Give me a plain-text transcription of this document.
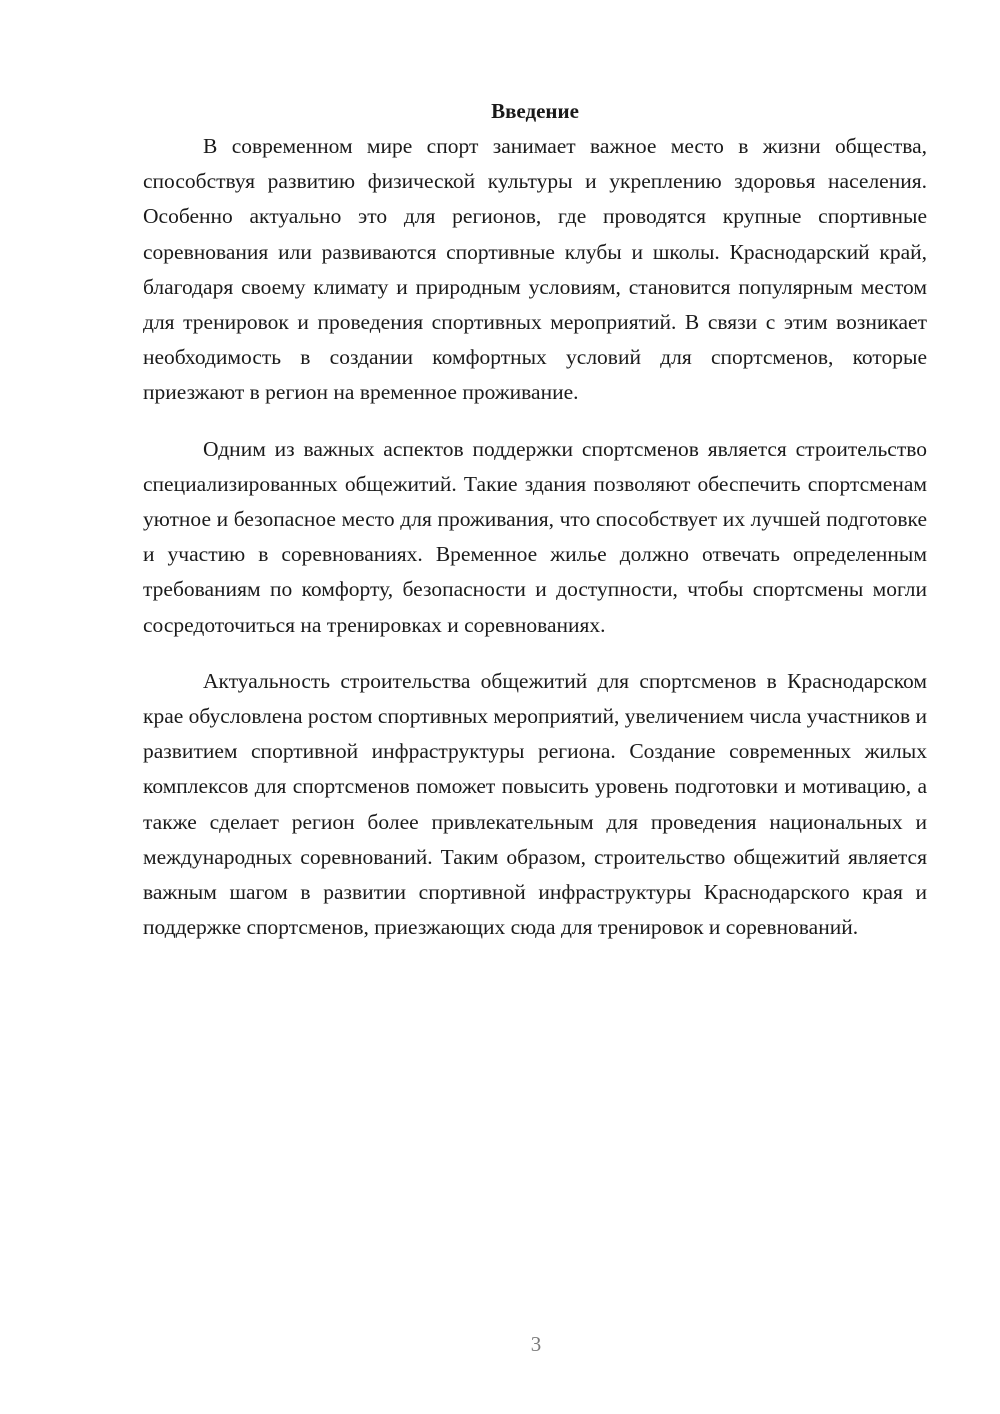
Введение

В современном мире спорт занимает важное место в жизни общества, способствуя развитию физической культуры и укреплению здоровья населения. Особенно актуально это для регионов, где проводятся крупные спортивные соревнования или развиваются спортивные клубы и школы. Краснодарский край, благодаря своему климату и природным условиям, становится популярным местом для тренировок и проведения спортивных мероприятий. В связи с этим возникает необходимость в создании комфортных условий для спортсменов, которые приезжают в регион на временное проживание.

Одним из важных аспектов поддержки спортсменов является строительство специализированных общежитий. Такие здания позволяют обеспечить спортсменам уютное и безопасное место для проживания, что способствует их лучшей подготовке и участию в соревнованиях. Временное жилье должно отвечать определенным требованиям по комфорту, безопасности и доступности, чтобы спортсмены могли сосредоточиться на тренировках и соревнованиях.

Актуальность строительства общежитий для спортсменов в Краснодарском крае обусловлена ростом спортивных мероприятий, увеличением числа участников и развитием спортивной инфраструктуры региона. Создание современных жилых комплексов для спортсменов поможет повысить уровень подготовки и мотивацию, а также сделает регион более привлекательным для проведения национальных и международных соревнований. Таким образом, строительство общежитий является важным шагом в развитии спортивной инфраструктуры Краснодарского края и поддержке спортсменов, приезжающих сюда для тренировок и соревнований.

3
